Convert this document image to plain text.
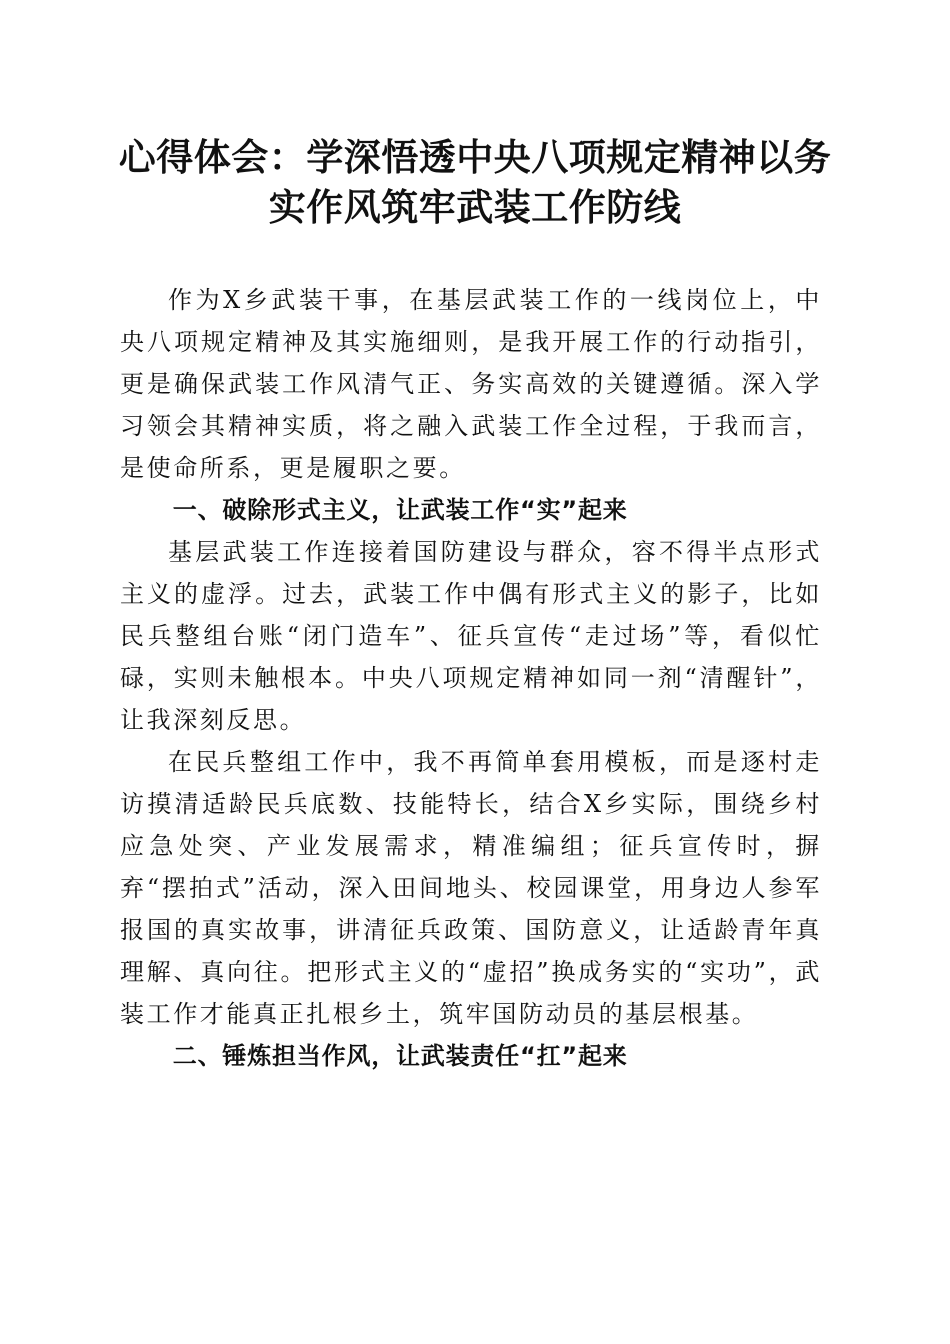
心得体会：学深悟透中央八项规定精神以务实作风筑牢武装工作防线

作为X乡武装干事，在基层武装工作的一线岗位上，中央八项规定精神及其实施细则，是我开展工作的行动指引，更是确保武装工作风清气正、务实高效的关键遵循。深入学习领会其精神实质，将之融入武装工作全过程，于我而言，是使命所系，更是履职之要。

一、破除形式主义，让武装工作“实”起来

基层武装工作连接着国防建设与群众，容不得半点形式主义的虚浮。过去，武装工作中偶有形式主义的影子，比如民兵整组台账“闭门造车”、征兵宣传“走过场”等，看似忙碌，实则未触根本。中央八项规定精神如同一剂“清醒针”，让我深刻反思。

在民兵整组工作中，我不再简单套用模板，而是逐村走访摸清适龄民兵底数、技能特长，结合X乡实际，围绕乡村应急处突、产业发展需求，精准编组；征兵宣传时，摒弃“摆拍式”活动，深入田间地头、校园课堂，用身边人参军报国的真实故事，讲清征兵政策、国防意义，让适龄青年真理解、真向往。把形式主义的“虚招”换成务实的“实功”，武装工作才能真正扎根乡土，筑牢国防动员的基层根基。

二、锤炼担当作风，让武装责任“扛”起来
